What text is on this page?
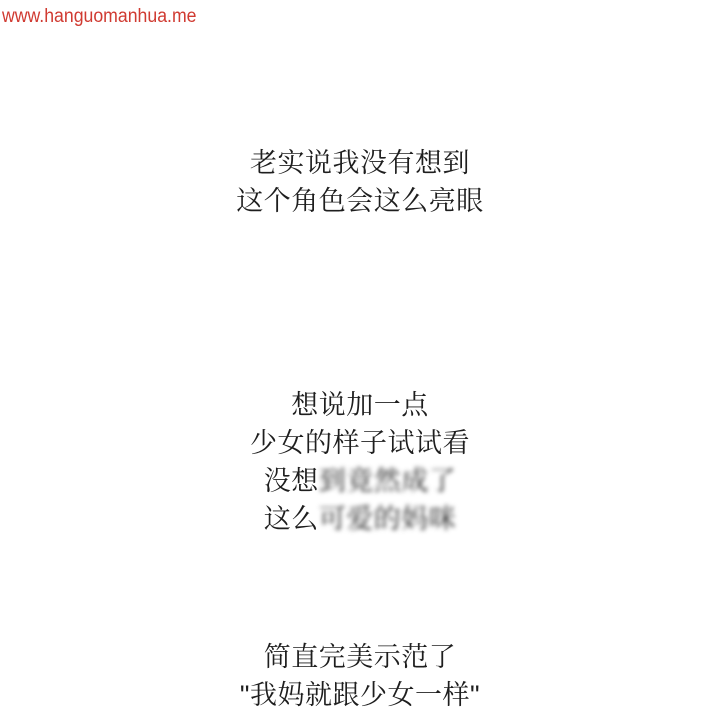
www.hanguomanhua.me
老实说我没有想到
这个角色会这么亮眼
想说加一点
少女的样子试试看
没想到竟然成了
这么可爱的妈咪
简直完美示范了
"我妈就跟少女一样"
